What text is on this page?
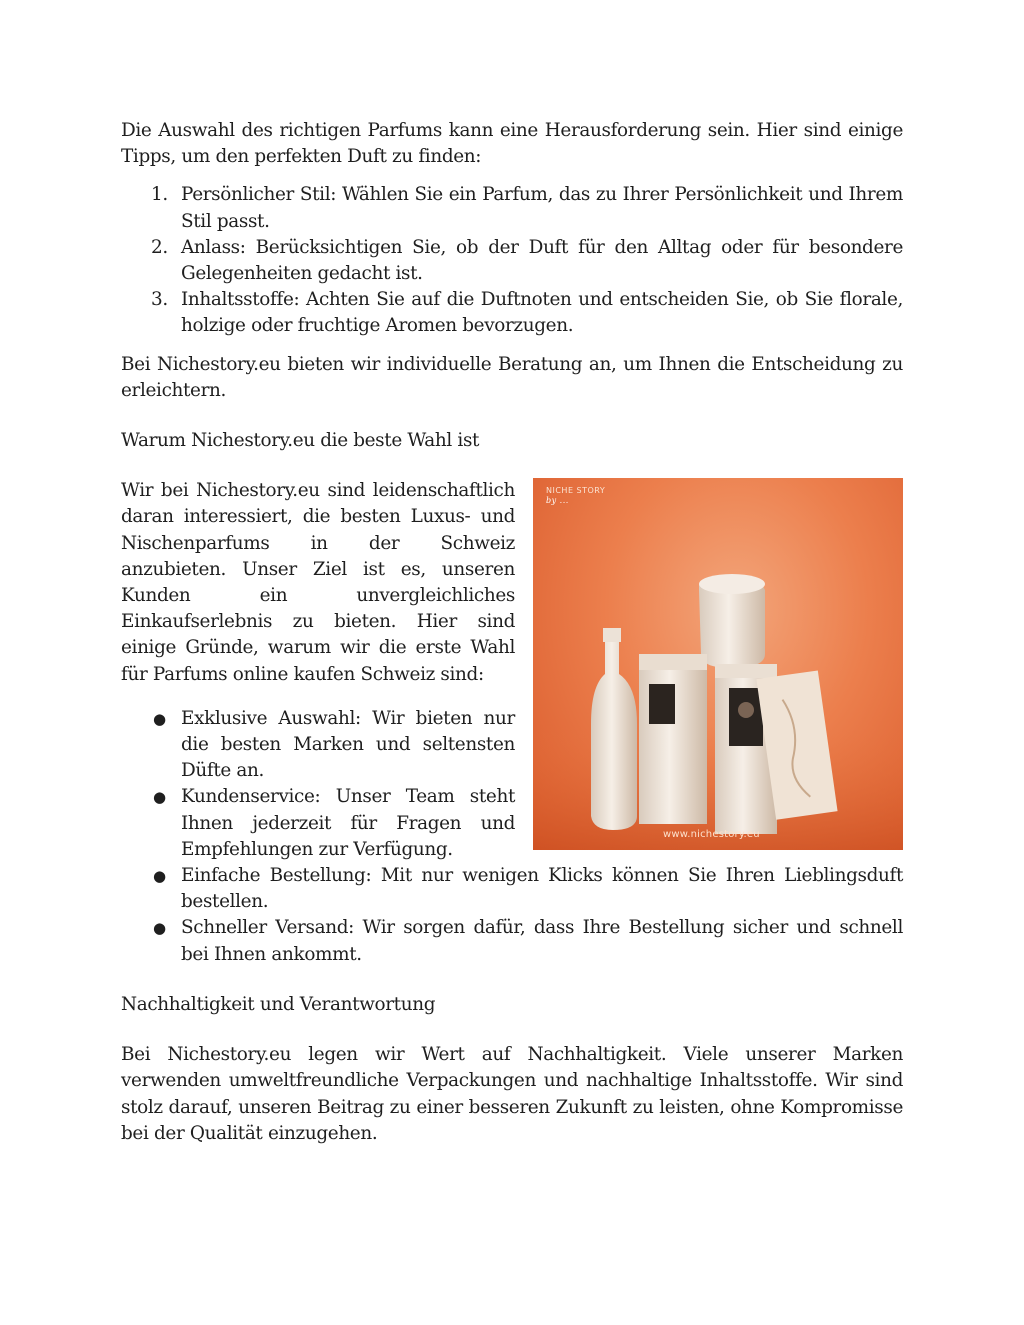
Die Auswahl des richtigen Parfums kann eine Herausforderung sein. Hier sind einige Tipps, um den perfekten Duft zu finden:

1. Persönlicher Stil: Wählen Sie ein Parfum, das zu Ihrer Persönlichkeit und Ihrem Stil passt.
2. Anlass: Berücksichtigen Sie, ob der Duft für den Alltag oder für besondere Gelegenheiten gedacht ist.
3. Inhaltsstoffe: Achten Sie auf die Duftnoten und entscheiden Sie, ob Sie florale, holzige oder fruchtige Aromen bevorzugen.

Bei Nichestory.eu bieten wir individuelle Beratung an, um Ihnen die Entscheidung zu erleichtern.

Warum Nichestory.eu die beste Wahl ist

NICHE STORY
by ...
www.nichestory.eu

Wir bei Nichestory.eu sind leidenschaftlich daran interessiert, die besten Luxus- und Nischenparfums in der Schweiz anzubieten. Unser Ziel ist es, unseren Kunden ein unvergleichliches Einkaufserlebnis zu bieten. Hier sind einige Gründe, warum wir die erste Wahl für Parfums online kaufen Schweiz sind:

● Exklusive Auswahl: Wir bieten nur die besten Marken und seltensten Düfte an.
● Kundenservice: Unser Team steht Ihnen jederzeit für Fragen und Empfehlungen zur Verfügung.
● Einfache Bestellung: Mit nur wenigen Klicks können Sie Ihren Lieblingsduft bestellen.
● Schneller Versand: Wir sorgen dafür, dass Ihre Bestellung sicher und schnell bei Ihnen ankommt.

Nachhaltigkeit und Verantwortung

Bei Nichestory.eu legen wir Wert auf Nachhaltigkeit. Viele unserer Marken verwenden umweltfreundliche Verpackungen und nachhaltige Inhaltsstoffe. Wir sind stolz darauf, unseren Beitrag zu einer besseren Zukunft zu leisten, ohne Kompromisse bei der Qualität einzugehen.
